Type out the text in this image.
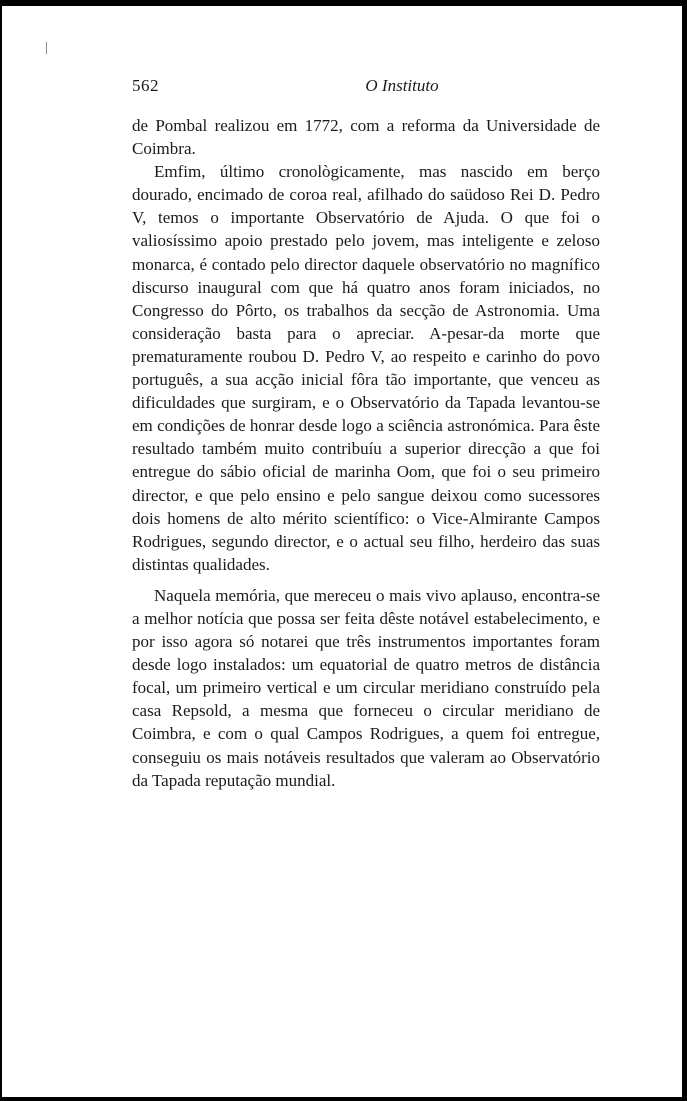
562	O Instituto

de Pombal realizou em 1772, com a reforma da Universidade de Coimbra.

Emfim, último cronològicamente, mas nascido em berço dourado, encimado de coroa real, afilhado do saüdoso Rei D. Pedro V, temos o importante Observatório de Ajuda. O que foi o valiosíssimo apoio prestado pelo jovem, mas inteligente e zeloso monarca, é contado pelo director daquele observatório no magnífico discurso inaugural com que há quatro anos foram iniciados, no Congresso do Pôrto, os trabalhos da secção de Astronomia. Uma consideração basta para o apreciar. A-pesar-da morte que prematuramente roubou D. Pedro V, ao respeito e carinho do povo português, a sua acção inicial fôra tão importante, que venceu as dificuldades que surgiram, e o Observatório da Tapada levantou-se em condições de honrar desde logo a sciência astronómica. Para êste resultado também muito contribuíu a superior direcção a que foi entregue do sábio oficial de marinha Oom, que foi o seu primeiro director, e que pelo ensino e pelo sangue deixou como sucessores dois homens de alto mérito scientífico: o Vice-Almirante Campos Rodrigues, segundo director, e o actual seu filho, herdeiro das suas distintas qualidades.

Naquela memória, que mereceu o mais vivo aplauso, encontra-se a melhor notícia que possa ser feita dêste notável estabelecimento, e por isso agora só notarei que três instrumentos importantes foram desde logo instalados: um equatorial de quatro metros de distância focal, um primeiro vertical e um circular meridiano construído pela casa Repsold, a mesma que forneceu o circular meridiano de Coimbra, e com o qual Campos Rodrigues, a quem foi entregue, conseguiu os mais notáveis resultados que valeram ao Observatório da Tapada reputação mundial.
